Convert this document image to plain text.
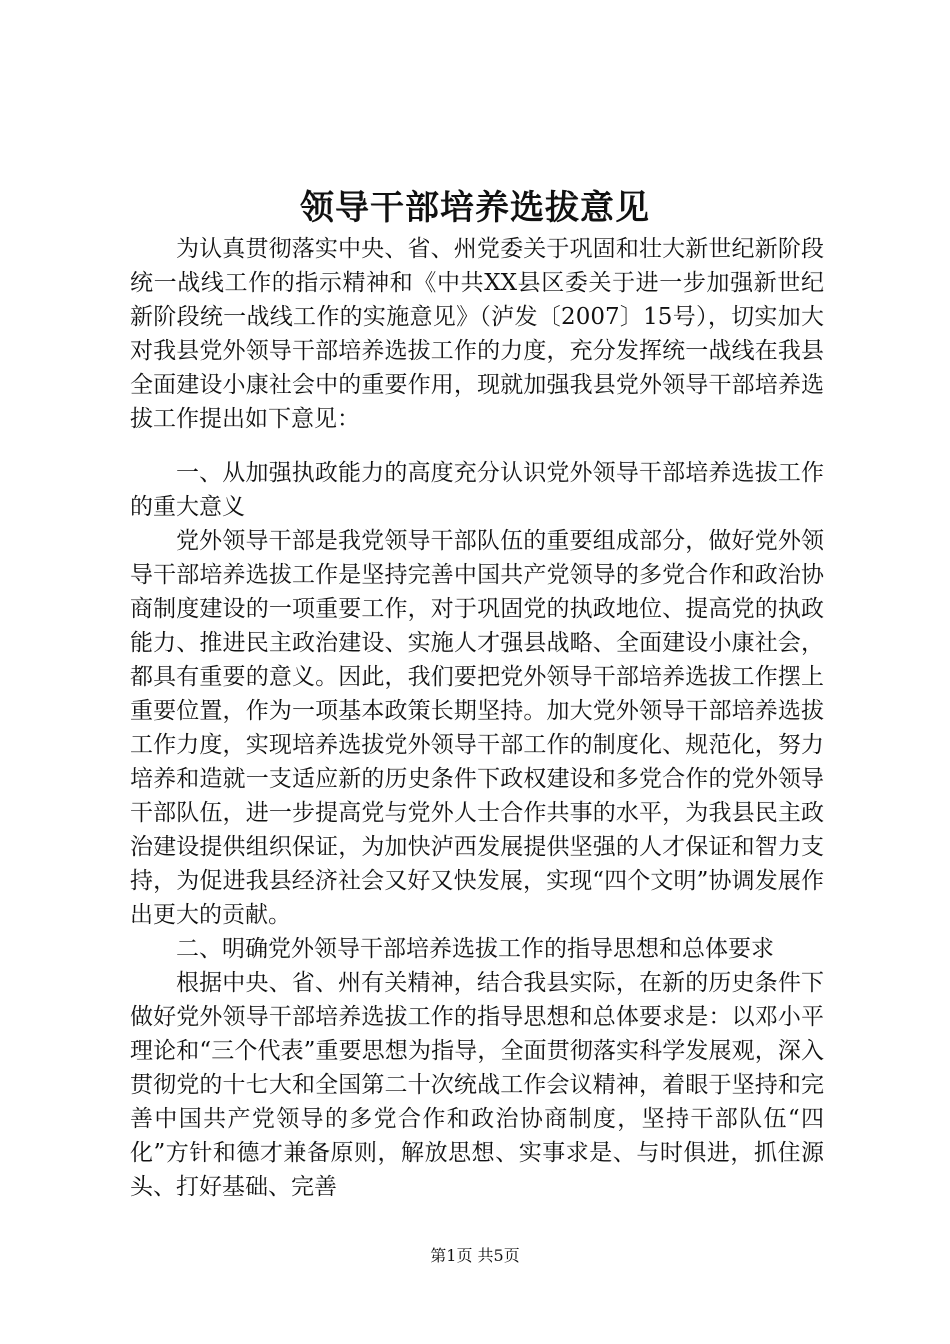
领导干部培养选拔意见

为认真贯彻落实中央、省、州党委关于巩固和壮大新世纪新阶段统一战线工作的指示精神和《中共XX县区委关于进一步加强新世纪新阶段统一战线工作的实施意见》（泸发〔2007〕15号），切实加大对我县党外领导干部培养选拔工作的力度，充分发挥统一战线在我县全面建设小康社会中的重要作用，现就加强我县党外领导干部培养选拔工作提出如下意见：

一、从加强执政能力的高度充分认识党外领导干部培养选拔工作的重大意义

党外领导干部是我党领导干部队伍的重要组成部分，做好党外领导干部培养选拔工作是坚持完善中国共产党领导的多党合作和政治协商制度建设的一项重要工作，对于巩固党的执政地位、提高党的执政能力、推进民主政治建设、实施人才强县战略、全面建设小康社会，都具有重要的意义。因此，我们要把党外领导干部培养选拔工作摆上重要位置，作为一项基本政策长期坚持。加大党外领导干部培养选拔工作力度，实现培养选拔党外领导干部工作的制度化、规范化，努力培养和造就一支适应新的历史条件下政权建设和多党合作的党外领导干部队伍，进一步提高党与党外人士合作共事的水平，为我县民主政治建设提供组织保证，为加快泸西发展提供坚强的人才保证和智力支持，为促进我县经济社会又好又快发展，实现“四个文明”协调发展作出更大的贡献。

二、明确党外领导干部培养选拔工作的指导思想和总体要求

根据中央、省、州有关精神，结合我县实际，在新的历史条件下做好党外领导干部培养选拔工作的指导思想和总体要求是：以邓小平理论和“三个代表”重要思想为指导，全面贯彻落实科学发展观，深入贯彻党的十七大和全国第二十次统战工作会议精神，着眼于坚持和完善中国共产党领导的多党合作和政治协商制度，坚持干部队伍“四化”方针和德才兼备原则，解放思想、实事求是、与时俱进，抓住源头、打好基础、完善

第1页 共5页
